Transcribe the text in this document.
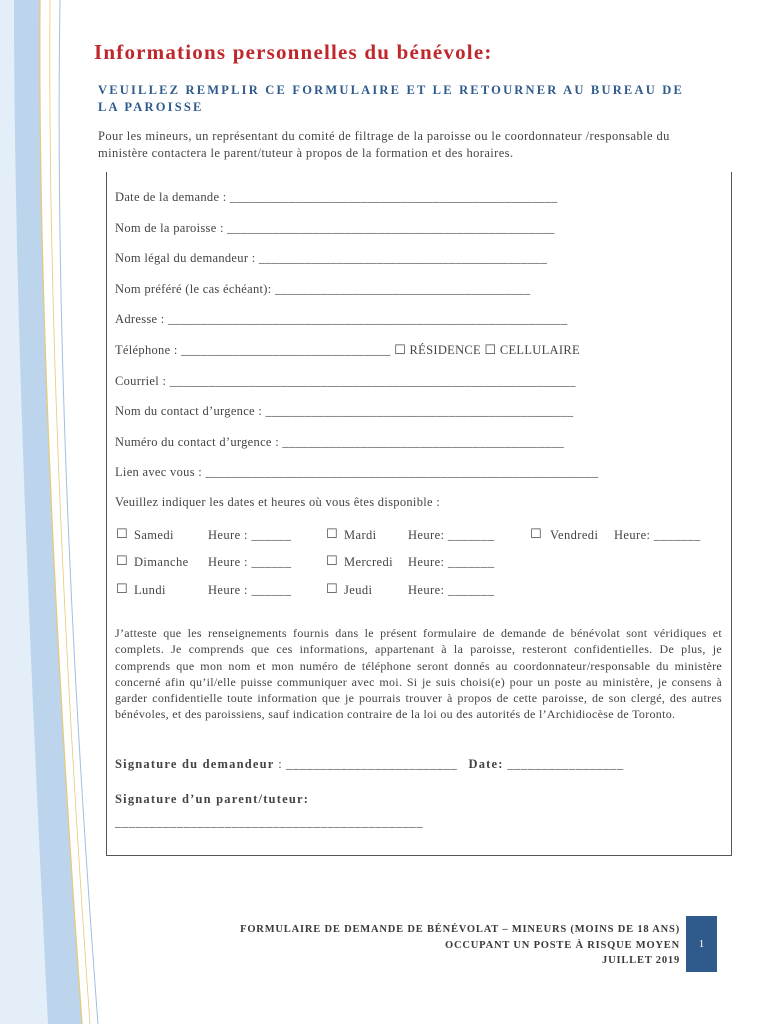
Informations personnelles du bénévole:

VEUILLEZ REMPLIR CE FORMULAIRE ET LE RETOURNER AU BUREAU DE LA PAROISSE

Pour les mineurs, un représentant du comité de filtrage de la paroisse ou le coordonnateur /responsable du ministère contactera le parent/tuteur à propos de la formation et des horaires.

Date de la demande : __________________________________________________
Nom de la paroisse : __________________________________________________
Nom légal du demandeur : ____________________________________________
Nom préféré (le cas échéant): _______________________________________
Adresse : _____________________________________________________________
Téléphone : ________________________________ ☐ RÉSIDENCE ☐ CELLULAIRE
Courriel : ______________________________________________________________
Nom du contact d’urgence : _______________________________________________
Numéro du contact d’urgence : ___________________________________________
Lien avec vous : ____________________________________________________________
Veuillez indiquer les dates et heures où vous êtes disponible :
☐ Samedi	Heure : ______	☐ Mardi	Heure: _______	☐ Vendredi Heure: _______
☐ Dimanche Heure : ______	☐ Mercredi Heure: _______
☐ Lundi	Heure : ______	☐ Jeudi	Heure: _______

J’atteste que les renseignements fournis dans le présent formulaire de demande de bénévolat sont véridiques et complets. Je comprends que ces informations, appartenant à la paroisse, resteront confidentielles. De plus, je comprends que mon nom et mon numéro de téléphone seront donnés au coordonnateur/responsable du ministère concerné afin qu’il/elle puisse communiquer avec moi. Si je suis choisi(e) pour un poste au ministère, je consens à garder confidentielle toute information que je pourrais trouver à propos de cette paroisse, de son clergé, des autres bénévoles, et des paroissiens, sauf indication contraire de la loi ou des autorités de l’Archidiocèse de Toronto.

Signature du demandeur : _________________________ Date: _________________
Signature d’un parent/tuteur:
_____________________________________________
FORMULAIRE DE DEMANDE DE BÉNÉVOLAT – MINEURS (MOINS DE 18 ANS)
OCCUPANT UN POSTE À RISQUE MOYEN
JUILLET 2019
1
